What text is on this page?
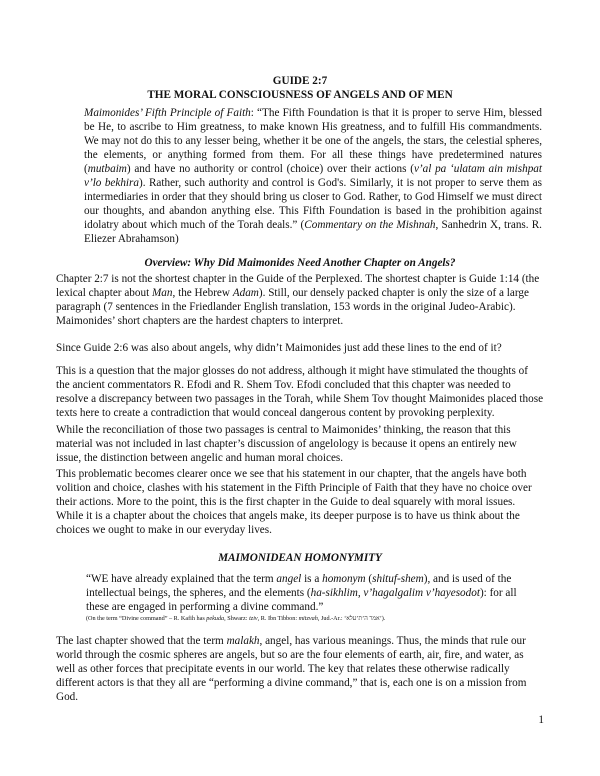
GUIDE 2:7
THE MORAL CONSCIOUSNESS OF ANGELS AND OF MEN

Maimonides’ Fifth Principle of Faith: “The Fifth Foundation is that it is proper to serve Him, blessed be He, to ascribe to Him greatness, to make known His greatness, and to fulfill His commandments. We may not do this to any lesser being, whether it be one of the angels, the stars, the celestial spheres, the elements, or anything formed from them. For all these things have predetermined natures (mutbaim) and have no authority or control (choice) over their actions (v’al pa ‘ulatam ain mishpat v’lo bekhira). Rather, such authority and control is God's. Similarly, it is not proper to serve them as intermediaries in order that they should bring us closer to God. Rather, to God Himself we must direct our thoughts, and abandon anything else. This Fifth Foundation is based in the prohibition against idolatry about which much of the Torah deals.” (Commentary on the Mishnah, Sanhedrin X, trans. R. Eliezer Abrahamson)

Overview: Why Did Maimonides Need Another Chapter on Angels?

Chapter 2:7 is not the shortest chapter in the Guide of the Perplexed. The shortest chapter is Guide 1:14 (the lexical chapter about Man, the Hebrew Adam). Still, our densely packed chapter is only the size of a large paragraph (7 sentences in the Friedlander English translation, 153 words in the original Judeo-Arabic). Maimonides’ short chapters are the hardest chapters to interpret.

Since Guide 2:6 was also about angels, why didn’t Maimonides just add these lines to the end of it?

This is a question that the major glosses do not address, although it might have stimulated the thoughts of the ancient commentators R. Efodi and R. Shem Tov. Efodi concluded that this chapter was needed to resolve a discrepancy between two passages in the Torah, while Shem Tov thought Maimonides placed those texts here to create a contradiction that would conceal dangerous content by provoking perplexity.

While the reconciliation of those two passages is central to Maimonides’ thinking, the reason that this material was not included in last chapter’s discussion of angelology is because it opens an entirely new issue, the distinction between angelic and human moral choices.

This problematic becomes clearer once we see that his statement in our chapter, that the angels have both volition and choice, clashes with his statement in the Fifth Principle of Faith that they have no choice over their actions. More to the point, this is the first chapter in the Guide to deal squarely with moral issues. While it is a chapter about the choices that angels make, its deeper purpose is to have us think about the choices we ought to make in our everyday lives.

MAIMONIDEAN HOMONYMITY

“WE have already explained that the term angel is a homonym (shituf-shem), and is used of the intellectual beings, the spheres, and the elements (ha-sikhlim, v’hagalgalim v’hayesodot): for all these are engaged in performing a divine command.”

(On the term “Divine command” – R. Kafih has pekuda, Shwarz: tziv, R. Ibn Tibbon: mitzvah, Jud.-Ar.: ‘אמר ה’ת’עלא’).

The last chapter showed that the term malakh, angel, has various meanings. Thus, the minds that rule our world through the cosmic spheres are angels, but so are the four elements of earth, air, fire, and water, as well as other forces that precipitate events in our world. The key that relates these otherwise radically different actors is that they all are “performing a divine command,” that is, each one is on a mission from God.

1
